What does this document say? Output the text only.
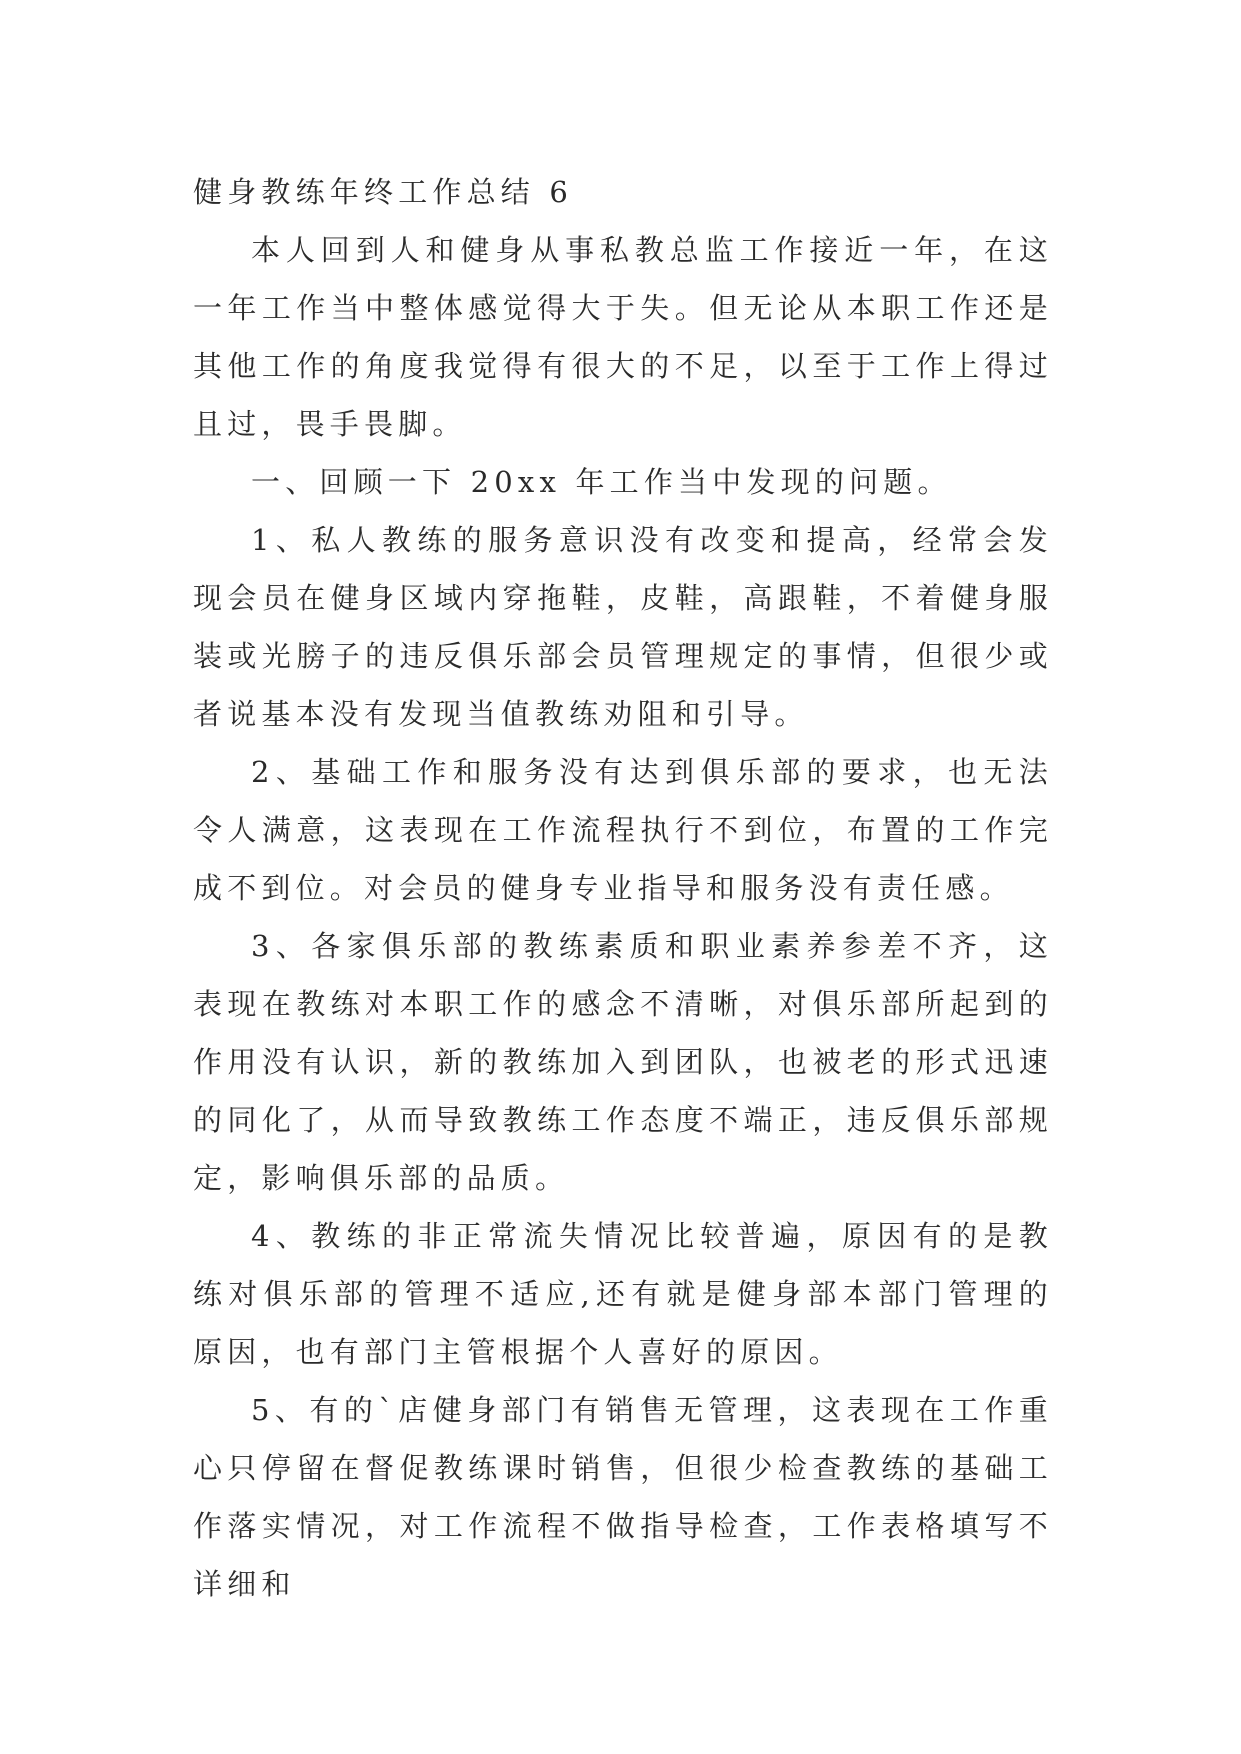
健身教练年终工作总结 6

本人回到人和健身从事私教总监工作接近一年，在这一年工作当中整体感觉得大于失。但无论从本职工作还是其他工作的角度我觉得有很大的不足，以至于工作上得过且过，畏手畏脚。

一、回顾一下 20xx 年工作当中发现的问题。

1、私人教练的服务意识没有改变和提高，经常会发现会员在健身区域内穿拖鞋，皮鞋，高跟鞋，不着健身服装或光膀子的违反俱乐部会员管理规定的事情，但很少或者说基本没有发现当值教练劝阻和引导。

2、基础工作和服务没有达到俱乐部的要求，也无法令人满意，这表现在工作流程执行不到位，布置的工作完成不到位。对会员的健身专业指导和服务没有责任感。

3、各家俱乐部的教练素质和职业素养参差不齐，这表现在教练对本职工作的感念不清晰，对俱乐部所起到的作用没有认识，新的教练加入到团队，也被老的形式迅速的同化了，从而导致教练工作态度不端正，违反俱乐部规定，影响俱乐部的品质。

4、教练的非正常流失情况比较普遍，原因有的是教练对俱乐部的管理不适应,还有就是健身部本部门管理的原因，也有部门主管根据个人喜好的原因。

5、有的`店健身部门有销售无管理，这表现在工作重心只停留在督促教练课时销售，但很少检查教练的基础工作落实情况，对工作流程不做指导检查，工作表格填写不详细和
